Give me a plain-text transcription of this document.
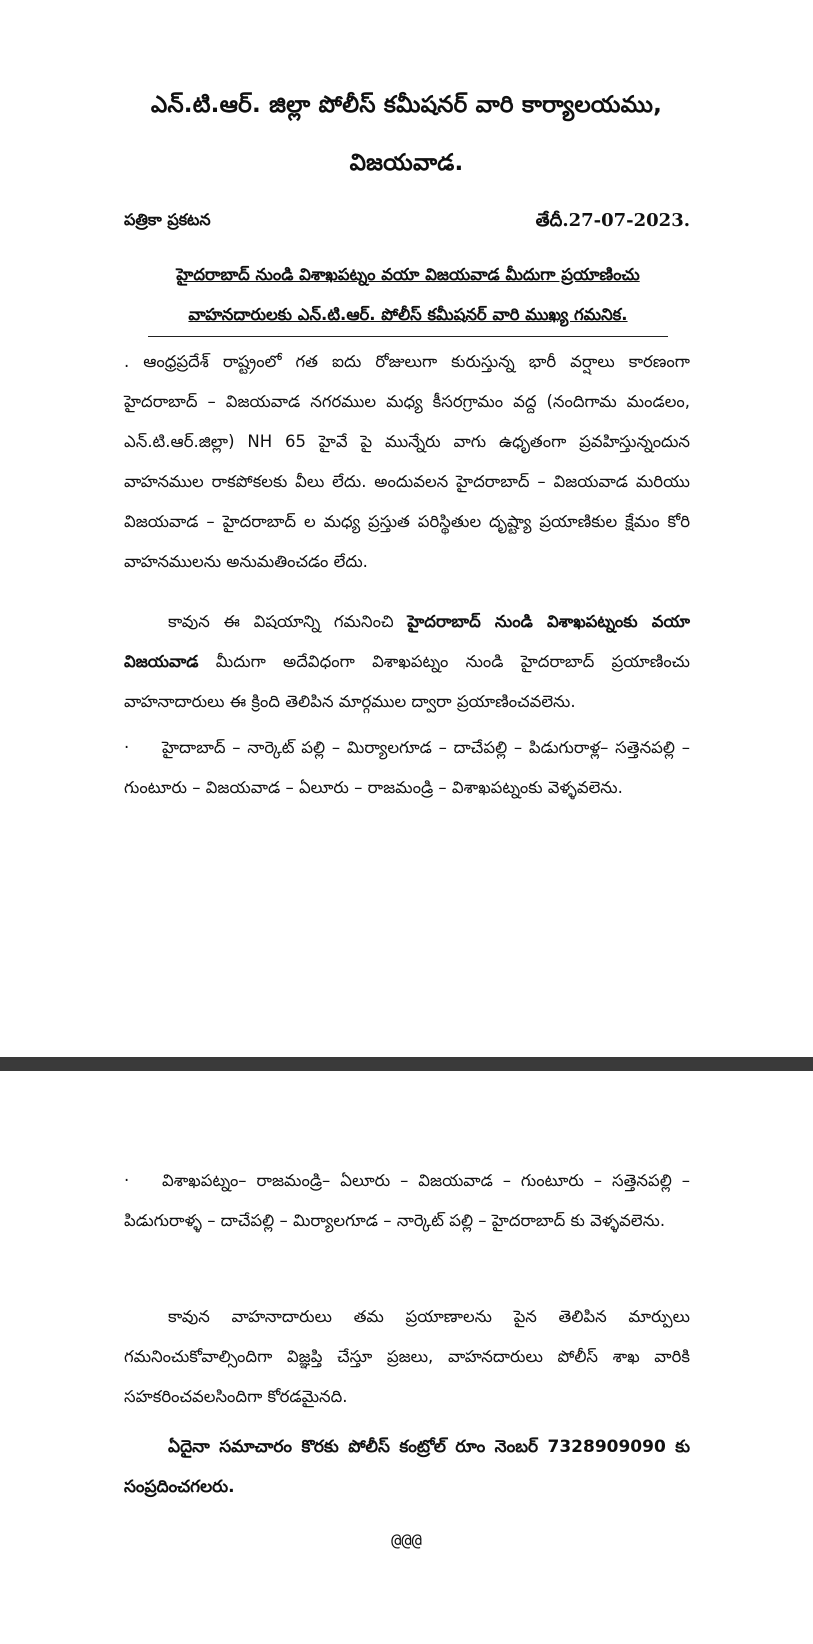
ఎన్.టి.ఆర్. జిల్లా పోలీస్ కమీషనర్ వారి కార్యాలయము,
విజయవాడ.
పత్రికా ప్రకటన	తేదీ.27-07-2023.
హైదరాబాద్ నుండి విశాఖపట్నం వయా విజయవాడ మీదుగా ప్రయాణించు
వాహనదారులకు ఎన్.టి.ఆర్. పోలీస్ కమీషనర్ వారి ముఖ్య గమనిక.
. ఆంధ్రప్రదేశ్ రాష్ట్రంలో గత ఐదు రోజులుగా కురుస్తున్న భారీ వర్షాలు కారణంగా హైదరాబాద్ – విజయవాడ నగరముల మధ్య కీసరగ్రామం వద్ద (నందిగామ మండలం, ఎన్.టి.ఆర్.జిల్లా) NH 65 హైవే పై మున్నేరు వాగు ఉధృతంగా ప్రవహిస్తున్నందున వాహనముల రాకపోకలకు వీలు లేదు. అందువలన హైదరాబాద్ – విజయవాడ మరియు విజయవాడ – హైదరాబాద్ ల మధ్య ప్రస్తుత పరిస్థితుల దృష్ట్యా ప్రయాణికుల క్షేమం కోరి వాహనములను అనుమతించడం లేదు.
కావున ఈ విషయాన్ని గమనించి హైదరాబాద్ నుండి విశాఖపట్నంకు వయా విజయవాడ మీదుగా అదేవిధంగా విశాఖపట్నం నుండి హైదరాబాద్ ప్రయాణించు వాహనాదారులు ఈ క్రింది తెలిపిన మార్గముల ద్వారా ప్రయాణించవలెను.
· హైదాబాద్ – నార్కెట్ పల్లి – మిర్యాలగూడ – దాచేపల్లి – పిడుగురాళ్ల– సత్తెనపల్లి – గుంటూరు – విజయవాడ – ఏలూరు – రాజమండ్రి – విశాఖపట్నంకు వెళ్ళవలెను.
· విశాఖపట్నం– రాజమండ్రి– ఏలూరు – విజయవాడ – గుంటూరు – సత్తెనపల్లి – పిడుగురాళ్ళ – దాచేపల్లి – మిర్యాలగూడ – నార్కెట్ పల్లి – హైదరాబాద్ కు వెళ్ళవలెను.
కావున వాహనాదారులు తమ ప్రయాణాలను పైన తెలిపిన మార్పులు గమనించుకోవాల్సిందిగా విజ్ఞప్తి చేస్తూ ప్రజలు, వాహనదారులు పోలీస్ శాఖ వారికి సహకరించవలసిందిగా కోరడమైనది.
ఏదైనా సమాచారం కొరకు పోలీస్ కంట్రోల్ రూం నెంబర్ 7328909090 కు సంప్రదించగలరు.
@@@
